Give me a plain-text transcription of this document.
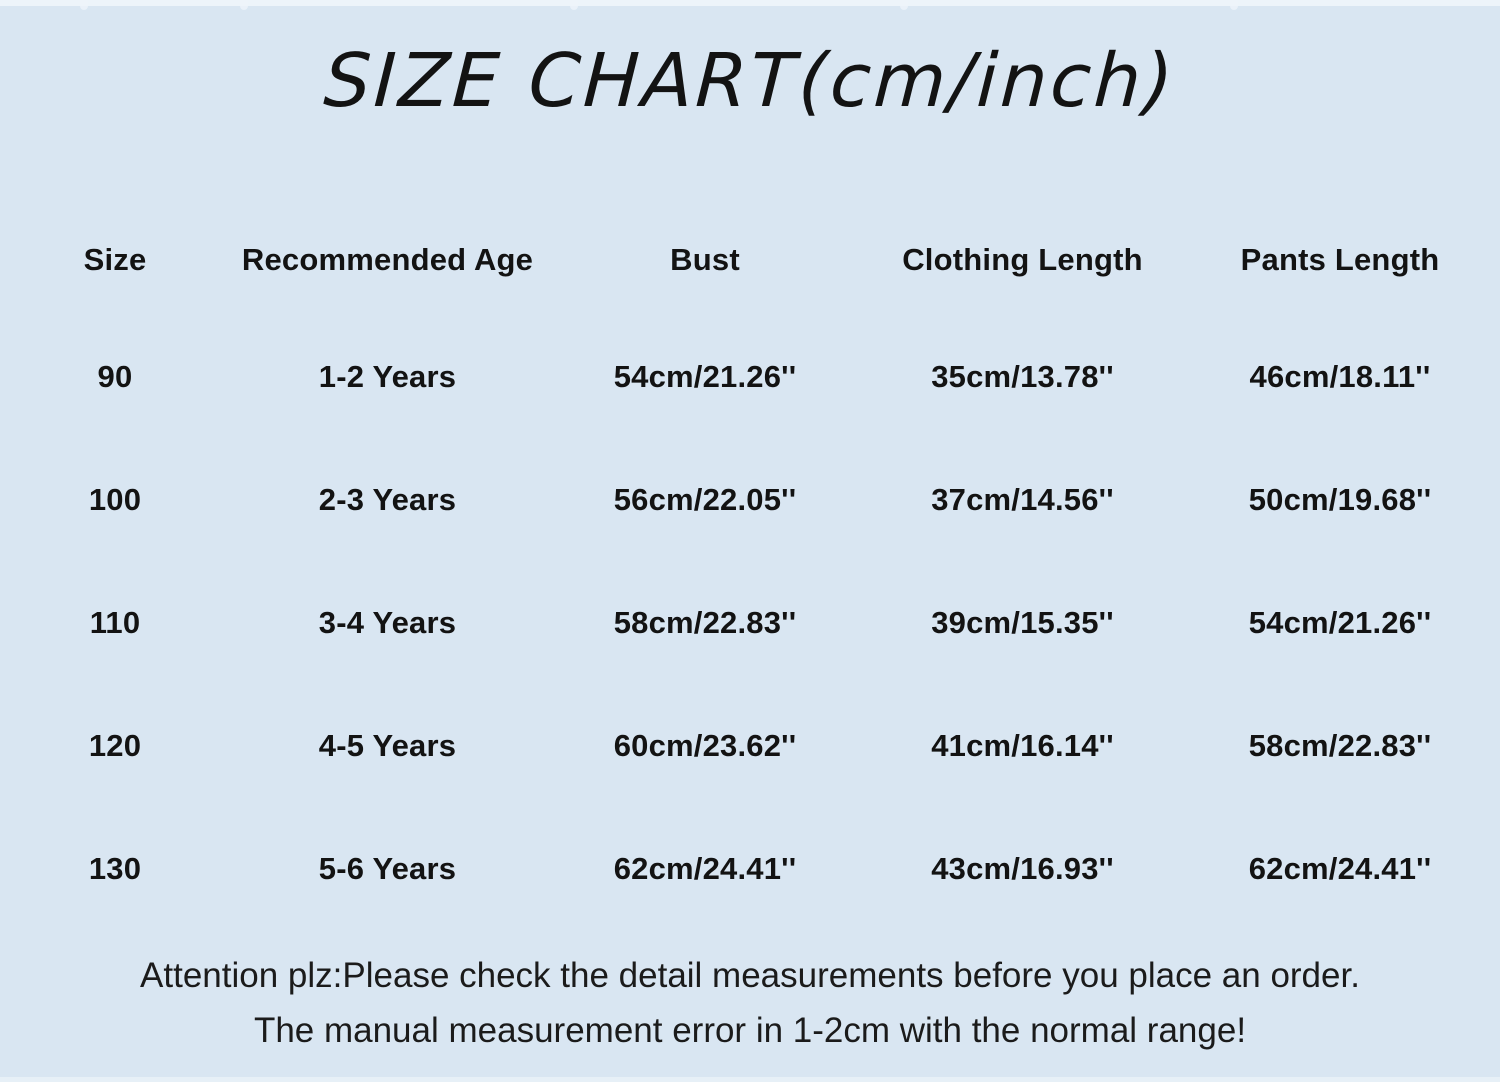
SIZE CHART(cm/inch)
Size	Recommended Age	Bust	Clothing Length	Pants Length
90	1-2 Years	54cm/21.26''	35cm/13.78''	46cm/18.11''
100	2-3 Years	56cm/22.05''	37cm/14.56''	50cm/19.68''
110	3-4 Years	58cm/22.83''	39cm/15.35''	54cm/21.26''
120	4-5 Years	60cm/23.62''	41cm/16.14''	58cm/22.83''
130	5-6 Years	62cm/24.41''	43cm/16.93''	62cm/24.41''
Attention plz:Please check the detail measurements before you place an order.
The manual measurement error in 1-2cm with the normal range!
